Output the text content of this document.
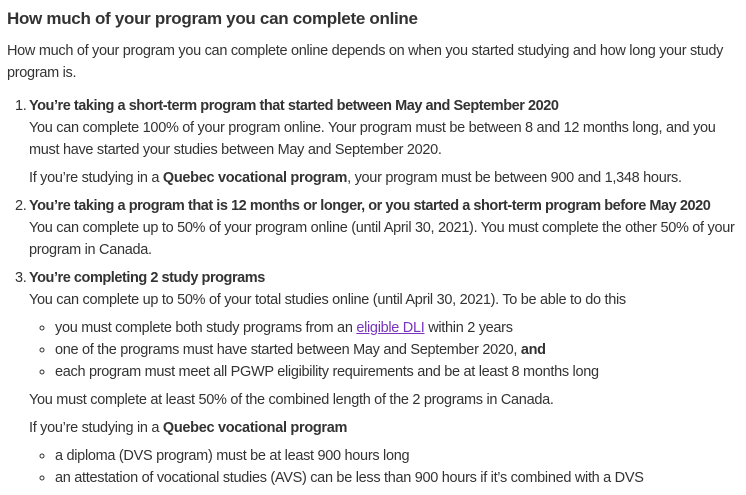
How much of your program you can complete online

How much of your program you can complete online depends on when you started studying and how long your study program is.

1. You’re taking a short-term program that started between May and September 2020

You can complete 100% of your program online. Your program must be between 8 and 12 months long, and you must have started your studies between May and September 2020.

If you’re studying in a Quebec vocational program, your program must be between 900 and 1,348 hours.

2. You’re taking a program that is 12 months or longer, or you started a short-term program before May 2020

You can complete up to 50% of your program online (until April 30, 2021). You must complete the other 50% of your program in Canada.

3. You’re completing 2 study programs

You can complete up to 50% of your total studies online (until April 30, 2021). To be able to do this

◦ you must complete both study programs from an eligible DLI within 2 years
◦ one of the programs must have started between May and September 2020, and
◦ each program must meet all PGWP eligibility requirements and be at least 8 months long

You must complete at least 50% of the combined length of the 2 programs in Canada.

If you’re studying in a Quebec vocational program

◦ a diploma (DVS program) must be at least 900 hours long
◦ an attestation of vocational studies (AVS) can be less than 900 hours if it’s combined with a DVS
